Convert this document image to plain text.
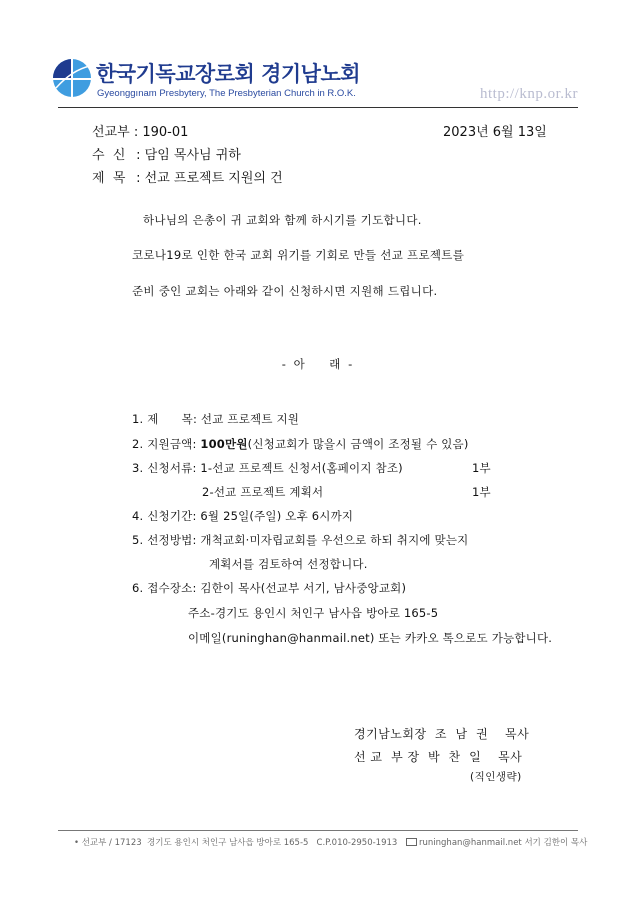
한국기독교장로회 경기남노회
Gyeonggınam Presbytery, The Presbyterian Church in R.O.K.	http://knp.or.kr
선교부 : 190-01	2023년 6월 13일
수  신 : 담임 목사님 귀하
제  목 : 선교 프로젝트 지원의 건
하나님의 은총이 귀 교회와 함께 하시기를 기도합니다.
코로나19로 인한 한국 교회 위기를 기회로 만들 선교 프로젝트를
준비 중인 교회는 아래와 같이 신청하시면 지원해 드립니다.
- 아    래 -
1. 제      목: 선교 프로젝트 지원
2. 지원금액: 100만원(신청교회가 많을시 금액이 조정될 수 있음)
3. 신청서류: 1-선교 프로젝트 신청서(홈페이지 참조)	1부
2-선교 프로젝트 계획서	1부
4. 신청기간: 6월 25일(주일) 오후 6시까지
5. 선정방법: 개척교회·미자립교회를 우선으로 하되 취지에 맞는지
계획서를 검토하여 선정합니다.
6. 접수장소: 김한이 목사(선교부 서기, 남사중앙교회)
주소-경기도 용인시 처인구 남사읍 방아로 165-5
이메일(runinghan@hanmail.net) 또는 카카오 톡으로도 가능합니다.
경기남노회장 조남권 목사
선 교  부 장 박찬일 목사
(직인생략)
• 선교부 / 17123  경기도 용인시 처인구 남사읍 방아로 165-5   C.P.010-2950-1913	runinghan@hanmail.net 서기 김한이 목사
